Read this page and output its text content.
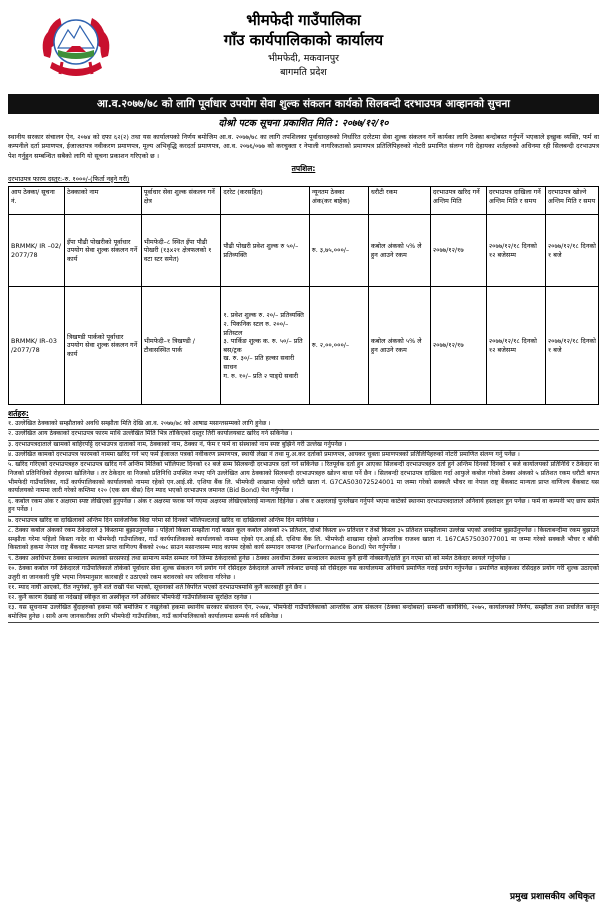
भीमफेदी गाउँपालिका
गाँउ कार्यपालिकाको कार्यालय
भीमफेदी, मकवानपुर
बागमति प्रदेश
आ.व.२०७७/७८ को लागि पूर्वाधार उपयोग सेवा शुल्क संकलन कार्यको सिलबन्दी दरभाउपत्र आव्हानको सुचना
दोश्रो पटक सूचना प्रकाशित मिति : २०७७/१२/१०
स्थानीय सरकार संचालन ऐन, २०७४ को दफा ६२(२) तथा यस कार्यालयको निर्णय बमोजिम आ.व. २०७७/७८ का लागि तपशिलका पूर्वाधारहरुको निर्धारित दररेटमा सेवा शुल्क संकलन गर्ने कार्यका लागि ठेक्का बन्दोबस्त गर्नुपर्ने भएकाले इच्छुक व्यक्ति, फर्म वा कम्पनीले दर्ता प्रमाणपत्र, ईजाजतपत्र नवीकरण प्रमाणपत्र, मूल्य अभिवृद्धि करदर्ता प्रमाणपत्र, आ.व. २०७६/०७७ को करचुक्ता र नेपाली नागरिकताको प्रमाणपत्र प्रतिलिपिहरुको नोटरी प्रमाणित संलग्न गरी देहायका शर्तहरुको अधिनमा रही सिलबन्दी दरभाउपत्र पेश गर्नुहुन सम्बन्धित सबैको लागि यो सूचना प्रकाशन गरिएको छ ।
तपशिल:
दरभाउपत्र फारम दस्तुर:-रु. १०००/-(फिर्ता नहुने गरी)
आय ठेक्का/ सूचना नं.	ठेक्काको नाम	पूर्वाधार सेवा शुल्क संकलन गर्ने क्षेत्र	दररेट (करसहित)	न्यूनतम ठेक्का अंक(कर बाहेक)	धरौटी रकम	दरभाउपत्र खरिद गर्ने अन्तिम मिति	दरभाउपत्र दाखिला गर्ने अन्तिम मिति र समय	दरभाउपत्र खोल्ने अन्तिम मिति र समय
BRMMK/ IR –02/ 2077/78	इँपा पौढी पोखरीको पूर्वाधार उपयोग सेवा शुल्क संकलन गर्ने कार्य	भीमफेदी–८ स्थित इँपा पौढी पोखरी (१३x२१ क्षेत्रफलको १ वटा स्टर समेत)	पौढी पोखरी प्रवेश शुल्क रु ५०/– प्रतिव्यक्ति	रु. ३,७५,०००/–	कबोल अंकको ५% ले हुन आउने रकम	२०७७/१२/१७	२०७७/१२/१८ दिनको १२ बजेसम्म	२०७७/१२/१८ दिनको १ बजे
BRMMK/ IR–03 /2077/78	त्रिखण्डी पार्कको पूर्वाधार उपयोग सेवा शुल्क संकलन गर्ने कार्य	भीमफेदी–१ त्रिखण्डी /टौवासस्थित पार्क	१. प्रवेश शुल्क रु. २०/– प्रतिव्यक्ति
२. पिकनिक स्टल रु. २००/– प्रतिस्टल
३. पार्किङ शुल्क क. रु. ५०/– प्रति बस/ट्रक
ख. रु. ३०/– प्रति हल्का सवारी साधन
ग. रु. १०/– प्रति २ पाङ्ग्रे सवारी	रु. २,००,०००/–	कबोल अंकको ५% ले हुन आउने रकम	२०७७/१२/१७	२०७७/१२/१८ दिनको १२ बजेसम्म	२०७७/१२/१८ दिनको १ बजे
शर्तहरु:

१. उल्लेखित ठेक्काको सम्झौताको अवधि सम्झौता मिति देखि आ.व. २०७७/७८ को आषाढ मसान्तसम्मको लागि हुनेछ ।

२. उल्लेखित आय ठेक्काको दरभाउपत्र फारम माथि उल्लेखित मिति भित्र तोकिएको दस्तुर तिरी कार्यालयबाट खरिद गर्न सकिनेछ ।

३. दरभाउपत्रदाताले खामको बाहिरपट्टि दरभाउपत्र दाताको नाम, ठेक्काको नाम, ठेक्का नं, र्फम र फर्म वा संस्थाको नाम स्पष्ट बुझिने गरी उल्लेख गर्नुपर्नेछ ।

४. उल्लेखित कामको दरभाउपत्र फारमको नाममा खरिद गर्न भए फर्म ईजाजत पत्रको नवीकरण प्रमाणपत्र, स्थायी लेखा नं तथा मु.अ.कर दर्ताको प्रमाणपत्र, आयकर चुक्ता प्रमाणपत्रको प्रतिलिपिहरुको नोटरी प्रमाणित संलग्न गर्नु पर्नेछ ।

५. खरिद गरिएको दरभाउपत्रहरु दरभाउपत्र खरिद गर्ने अन्तिम मितिको भोलिपल्ट दिनको १२ बजे सम्म सिलबन्दी दरभाउपत्र दर्ता गर्न सकिनेछ । रितपूर्वक दर्ता हुन आएका सिलबन्दी दरभाउपत्रहरु दर्ता हुने अन्तिम दिनको दिनको १ बजे कार्यालयको प्रतिनिधि र ठेकेदार वा निजको प्रतिनिधिको रोहवरमा खोलिनेछ । तर ठेकेदार वा निजको प्रतिनिधि उपस्थित नभए पनि उल्लेखित आय ठेक्काको सिलबन्दी दरभाउपत्रहरु खोल्न बाधा पर्ने छैन । सिलबन्दी दरभाउपत्र दाखिला गर्दा आफुले कबोल गरेको ठेक्का अंकको ५ प्रतिशत रकम धरौटी बापत भीमफेदी गाउँपालिका, गाउँ कार्यपालिकाको कार्यालयको नाममा रहेको एन.आई.सी. एशिया बैंक लि. भीमफेदी शाखामा रहेको धरौटी खाता नं. G7CA503072524001 मा जम्मा गरेको सक्कलै भौचर वा नेपाल राष्ट्र बैंकबाट मान्यता प्राप्त वाणिज्य बैंकबाट यस कार्यालयको नाममा जारी गरेको कम्तिमा १२० (एक सय बीस) दिन म्याद भएको दरभाउपत्र जमानत (Bid Bond) पेश गर्नुपर्नेछ ।

६. कबोल रकम अंक र अक्षरमा स्पष्ट लेखिएको हुनुपर्नेछ । अंक र अक्षरमा फरक पर्न गएमा अक्षरमा लेखिएकोलाई मान्यता दिईनेछ । अंक र अक्षरलाई पुनर्लेखन गर्नुपर्ने भएमा काटेको स्थानमा दरभाउपत्रदाताले अनिवार्य हस्ताक्षर हुन पर्नेछ । फर्म वा कम्पनी भए छाप समेत हुन पर्नेछ ।

७. दरभाउपत्र खरिद वा दाखिलाको अन्तिम दिन सार्वजनिक बिदा परेमा सो दिनको भोलिपल्टलाई खरिद वा दाखिलाको अन्तिम दिन मानिनेछ ।

८. ठेक्का कबोल अंकको रकम ठेकेदारले ३ किस्तामा बुझाउनुपर्नेछ । पहिलो किस्ता सम्झौता गर्दा बखत कूल कबोल अंकको २५ प्रतिशत, दोश्रो किस्ता ४० प्रतिशत र तेश्रो किस्ता ३५ प्रतिशत सम्झौतामा उल्लेख भएको अवधीमा बुझाउँनुपर्नेछ । किस्ताबन्दीमा रकम बुझाउने सम्झौता गरेमा पहिलो किस्ता नादेर वा भीमफेदी गाउँपालिका, गाउँ कार्यपालिकाको कार्यालयको नाममा रहेको एन.आई.सी. एशिया बैंक लि. भीमफेदी शाखामा रहेको आन्तरिक राजश्व खाता नं. 167CA57503077001 मा जम्मा गरेको सक्कलै भौचर र बाँकी किस्ताको हकमा नेपाल राष्ट्र बैंकबाट मान्यता प्राप्त वाणिज्य बैंकको २०७८ साउन मसान्तसम्म म्याद कायम रहेको कार्य सम्पादन जमानत (Performance Bond) पेश गर्नुपर्नेछ ।

९. ठेक्का अवधिभर ठेक्का सञ्चालन स्थलको सरसफाई तथा सामान्य मर्मत सम्भार गर्ने जिम्मा ठेकेदारको हुनेछ । ठेक्का अवधीमा ठेक्का सञ्चालन स्थलमा कुनै हानी नोक्सानी/क्षति हुन गएमा सो को मर्मत ठेकेदार स्वयले गर्नुपर्नेछ ।

१०. ठेक्का कबोल गर्ने ठेकेदारले गाउँपालिकाले तोकेको पूर्वाधार सेवा शुल्क संकलन गर्न प्रयोग गर्ने रसिदहरु ठेकेदारले आफ्नै तर्फबाट छपाई सो रसिदहरु यस कार्यालयमा अनिवार्य प्रमाणित गराई प्रयोग गर्नुपर्नेछ । प्रमाणित बाहेकका रसिदहरु प्रयोग गरी शुल्क उठाएको उजुरी वा जानकारी पुष्टि भएमा नियमानुसार कारबाही र उठाएको रकम बरावरको थप जरिवाना गरिनेछ ।

११. म्याद नाघी आएको, रीत नपुगेको, कुनै शर्त राखी पेश भएको, सूचनाको शर्त विपरित भएको दरभाउपत्रमाथि कुनै कारबाही हुने छैन ।

१२. कुनै कारण देखाई वा नदेखाई स्वीकृत वा अस्वीकृत गर्ने अधिकार भीमफेदी गाउँपालिकामा सुरक्षित रहनेछ ।

१३. यस सूचनामा उल्लेखित बुँदाहरुको हकमा यसै बमोजिम र नखुलेको हकमा स्थानीय सरकार संचालन ऐन, २०७४, भीमफेदी गाउँपालिकाको आन्तरिक आय संकलन (ठेक्का बन्दोबस्त) सम्बन्धी कार्यविधि, २०७५, कार्यालयको निर्णय, सम्झौता तथा प्रचलित कानून बमोजिम हुनेछ । साथै अन्य जानकारीका लागि भीमफेदी गाउँपालिका, गाउँ कार्यपालिकाको कार्यालयमा सम्पर्क गर्न सकिनेछ ।

प्रमुख प्रशासकीय अधिकृत
